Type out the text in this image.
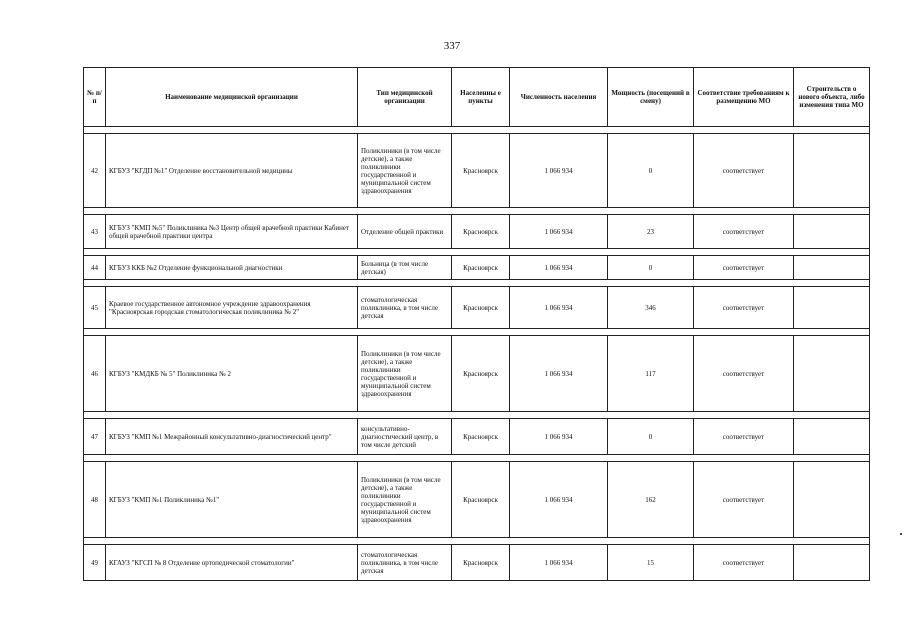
337
№ п/п	Наименование медицинской организации	Тип медицинской организации	Населенны е пункты	Численность населения	Мощность (посещений в смену)	Соответствие требованиям к размещению МО	Строительств о нового объекта, либо изменения типа МО

42	КГБУЗ "КГДП №1" Отделение восстановительной медицины	Поликлиники (в том числе детские), а также поликлиники государственной и муниципальной систем здравоохранения	Красноярск	1 066 934	0	соответствует	

43	КГБУЗ "КМП №5" Поликлиника №3 Центр общей врачебной практики Кабинет общей врачебной практики центра	Отделение общей практики	Красноярск	1 066 934	23	соответствует	

44	КГБУЗ ККБ №2 Отделение функциональной диагностики	Больница (в том числе детская)	Красноярск	1 066 934	0	соответствует	

45	Краевое государственное автономное учреждение здравоохранения "Красноярская городская стоматологическая поликлиника № 2"	стоматологическая поликлиника, в том числе детская	Красноярск	1 066 934	346	соответствует	

46	КГБУЗ "КМДКБ № 5" Поликлиника № 2	Поликлиники (в том числе детские), а также поликлиники государственной и муниципальной систем здравоохранения	Красноярск	1 066 934	117	соответствует	

47	КГБУЗ "КМП №1 Межрайонный консультативно-диагностический центр"	консультативно-диагностический центр, в том числе детский	Красноярск	1 066 934	0	соответствует	

48	КГБУЗ "КМП №1 Поликлиника №1"	Поликлиники (в том числе детские), а также поликлиники государственной и муниципальной систем здравоохранения	Красноярск	1 066 934	162	соответствует	

49	КГАУЗ "КГСП № 8 Отделение ортопедической стоматологии"	стоматологическая поликлиника, в том числе детская	Красноярск	1 066 934	15	соответствует	
